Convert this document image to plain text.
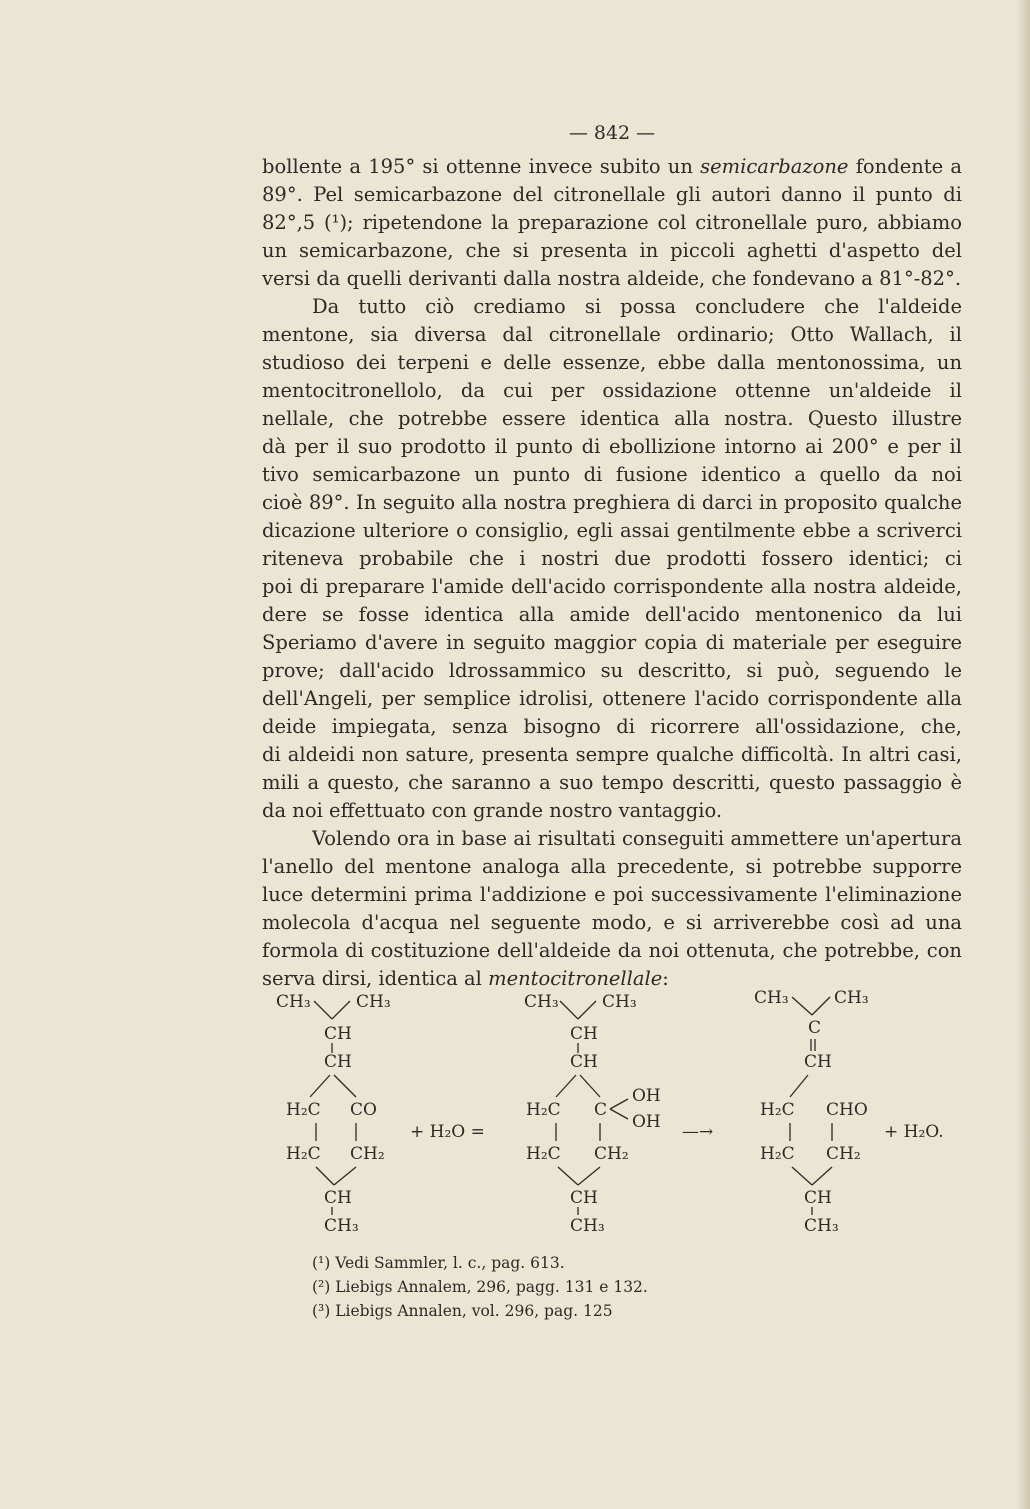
— 842 —
bollente a 195° si ottenne invece subito un semicarbazone fondente a
89°. Pel semicarbazone del citronellale gli autori danno il punto di
82°,5 (¹); ripetendone la preparazione col citronellale puro, abbiamo
un semicarbazone, che si presenta in piccoli aghetti d'aspetto del
versi da quelli derivanti dalla nostra aldeide, che fondevano a 81°-82°.
Da tutto ciò crediamo si possa concludere che l'aldeide
mentone, sia diversa dal citronellale ordinario; Otto Wallach, il
studioso dei terpeni e delle essenze, ebbe dalla mentonossima, un
mentocitronellolo, da cui per ossidazione ottenne un'aldeide il
nellale, che potrebbe essere identica alla nostra. Questo illustre
dà per il suo prodotto il punto di ebollizione intorno ai 200° e per il
tivo semicarbazone un punto di fusione identico a quello da noi
cioè 89°. In seguito alla nostra preghiera di darci in proposito qualche
dicazione ulteriore o consiglio, egli assai gentilmente ebbe a scriverci
riteneva probabile che i nostri due prodotti fossero identici; ci
poi di preparare l'amide dell'acido corrispondente alla nostra aldeide,
dere se fosse identica alla amide dell'acido mentonenico da lui
Speriamo d'avere in seguito maggior copia di materiale per eseguire
prove; dall'acido ldrossammico su descritto, si può, seguendo le
dell'Angeli, per semplice idrolisi, ottenere l'acido corrispondente alla
deide impiegata, senza bisogno di ricorrere all'ossidazione, che,
di aldeidi non sature, presenta sempre qualche difficoltà. In altri casi,
mili a questo, che saranno a suo tempo descritti, questo passaggio è
da noi effettuato con grande nostro vantaggio.
Volendo ora in base ai risultati conseguiti ammettere un'apertura
l'anello del mentone analoga alla precedente, si potrebbe supporre
luce determini prima l'addizione e poi successivamente l'eliminazione
molecola d'acqua nel seguente modo, e si arriverebbe così ad una
formola di costituzione dell'aldeide da noi ottenuta, che potrebbe, con
serva dirsi, identica al mentocitronellale:
CH₃	CH₃
CH
CH
H₂C CO
H₂C CH₂
CH
CH₃
+ H₂O =
CH₃	CH₃
CH
CH
H₂C C
OH
OH
H₂C CH₂
CH
CH₃
—→
CH₃	CH₃
C
CH
H₂C CHO
H₂C CH₂
CH
CH₃
+ H₂O.
(¹) Vedi Sammler, l. c., pag. 613.
(²) Liebigs Annalem, 296, pagg. 131 e 132.
(³) Liebigs Annalen, vol. 296, pag. 125
